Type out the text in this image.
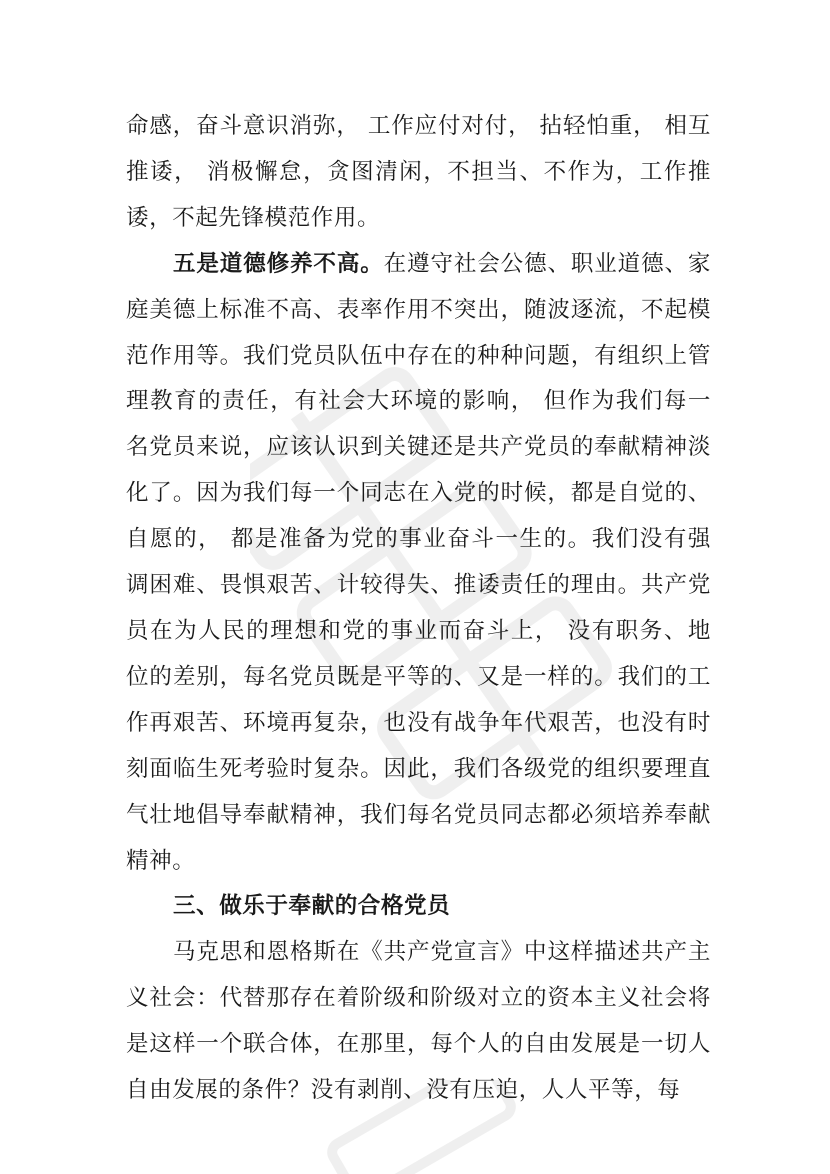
命感，奋斗意识消弥， 工作应付对付， 拈轻怕重， 相互推诿， 消极懈怠，贪图清闲，不担当、不作为，工作推诿，不起先锋模范作用。

五是道德修养不高。在遵守社会公德、职业道德、家庭美德上标准不高、表率作用不突出，随波逐流，不起模范作用等。我们党员队伍中存在的种种问题，有组织上管理教育的责任，有社会大环境的影响， 但作为我们每一名党员来说，应该认识到关键还是共产党员的奉献精神淡化了。因为我们每一个同志在入党的时候，都是自觉的、自愿的， 都是准备为党的事业奋斗一生的。我们没有强调困难、畏惧艰苦、计较得失、推诿责任的理由。共产党员在为人民的理想和党的事业而奋斗上， 没有职务、地位的差别，每名党员既是平等的、又是一样的。我们的工作再艰苦、环境再复杂，也没有战争年代艰苦，也没有时刻面临生死考验时复杂。因此，我们各级党的组织要理直气壮地倡导奉献精神，我们每名党员同志都必须培养奉献精神。

三、做乐于奉献的合格党员

马克思和恩格斯在《共产党宣言》中这样描述共产主义社会：代替那存在着阶级和阶级对立的资本主义社会将是这样一个联合体，在那里，每个人的自由发展是一切人自由发展的条件？没有剥削、没有压迫，人人平等，每
